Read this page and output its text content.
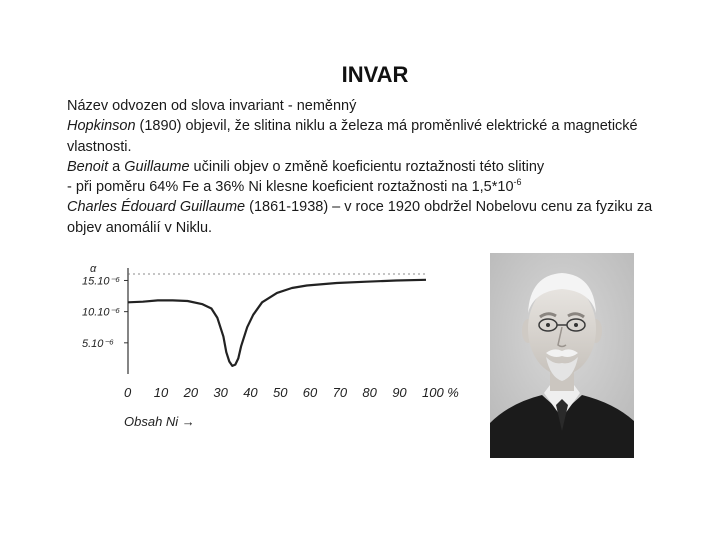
INVAR

Název odvozen od slova invariant - neměnný

Hopkinson (1890) objevil, že slitina niklu a železa má proměnlivé elektrické a magnetické vlastnosti.

Benoit a Guillaume učinili objev o změně koeficientu roztažnosti této slitiny

- při poměru 64% Fe a 36% Ni klesne koeficient roztažnosti na $1,5*10^{-6}$

Charles Édouard Guillaume (1861-1938) – v roce 1920 obdržel Nobelovu cenu za fyziku za objev anomálií v Niklu.

α
15.10⁻⁶
10.10⁻⁶
5.10⁻⁶
0 10 20 30 40 50 60 70 80 90 100 %
Obsah Ni →
